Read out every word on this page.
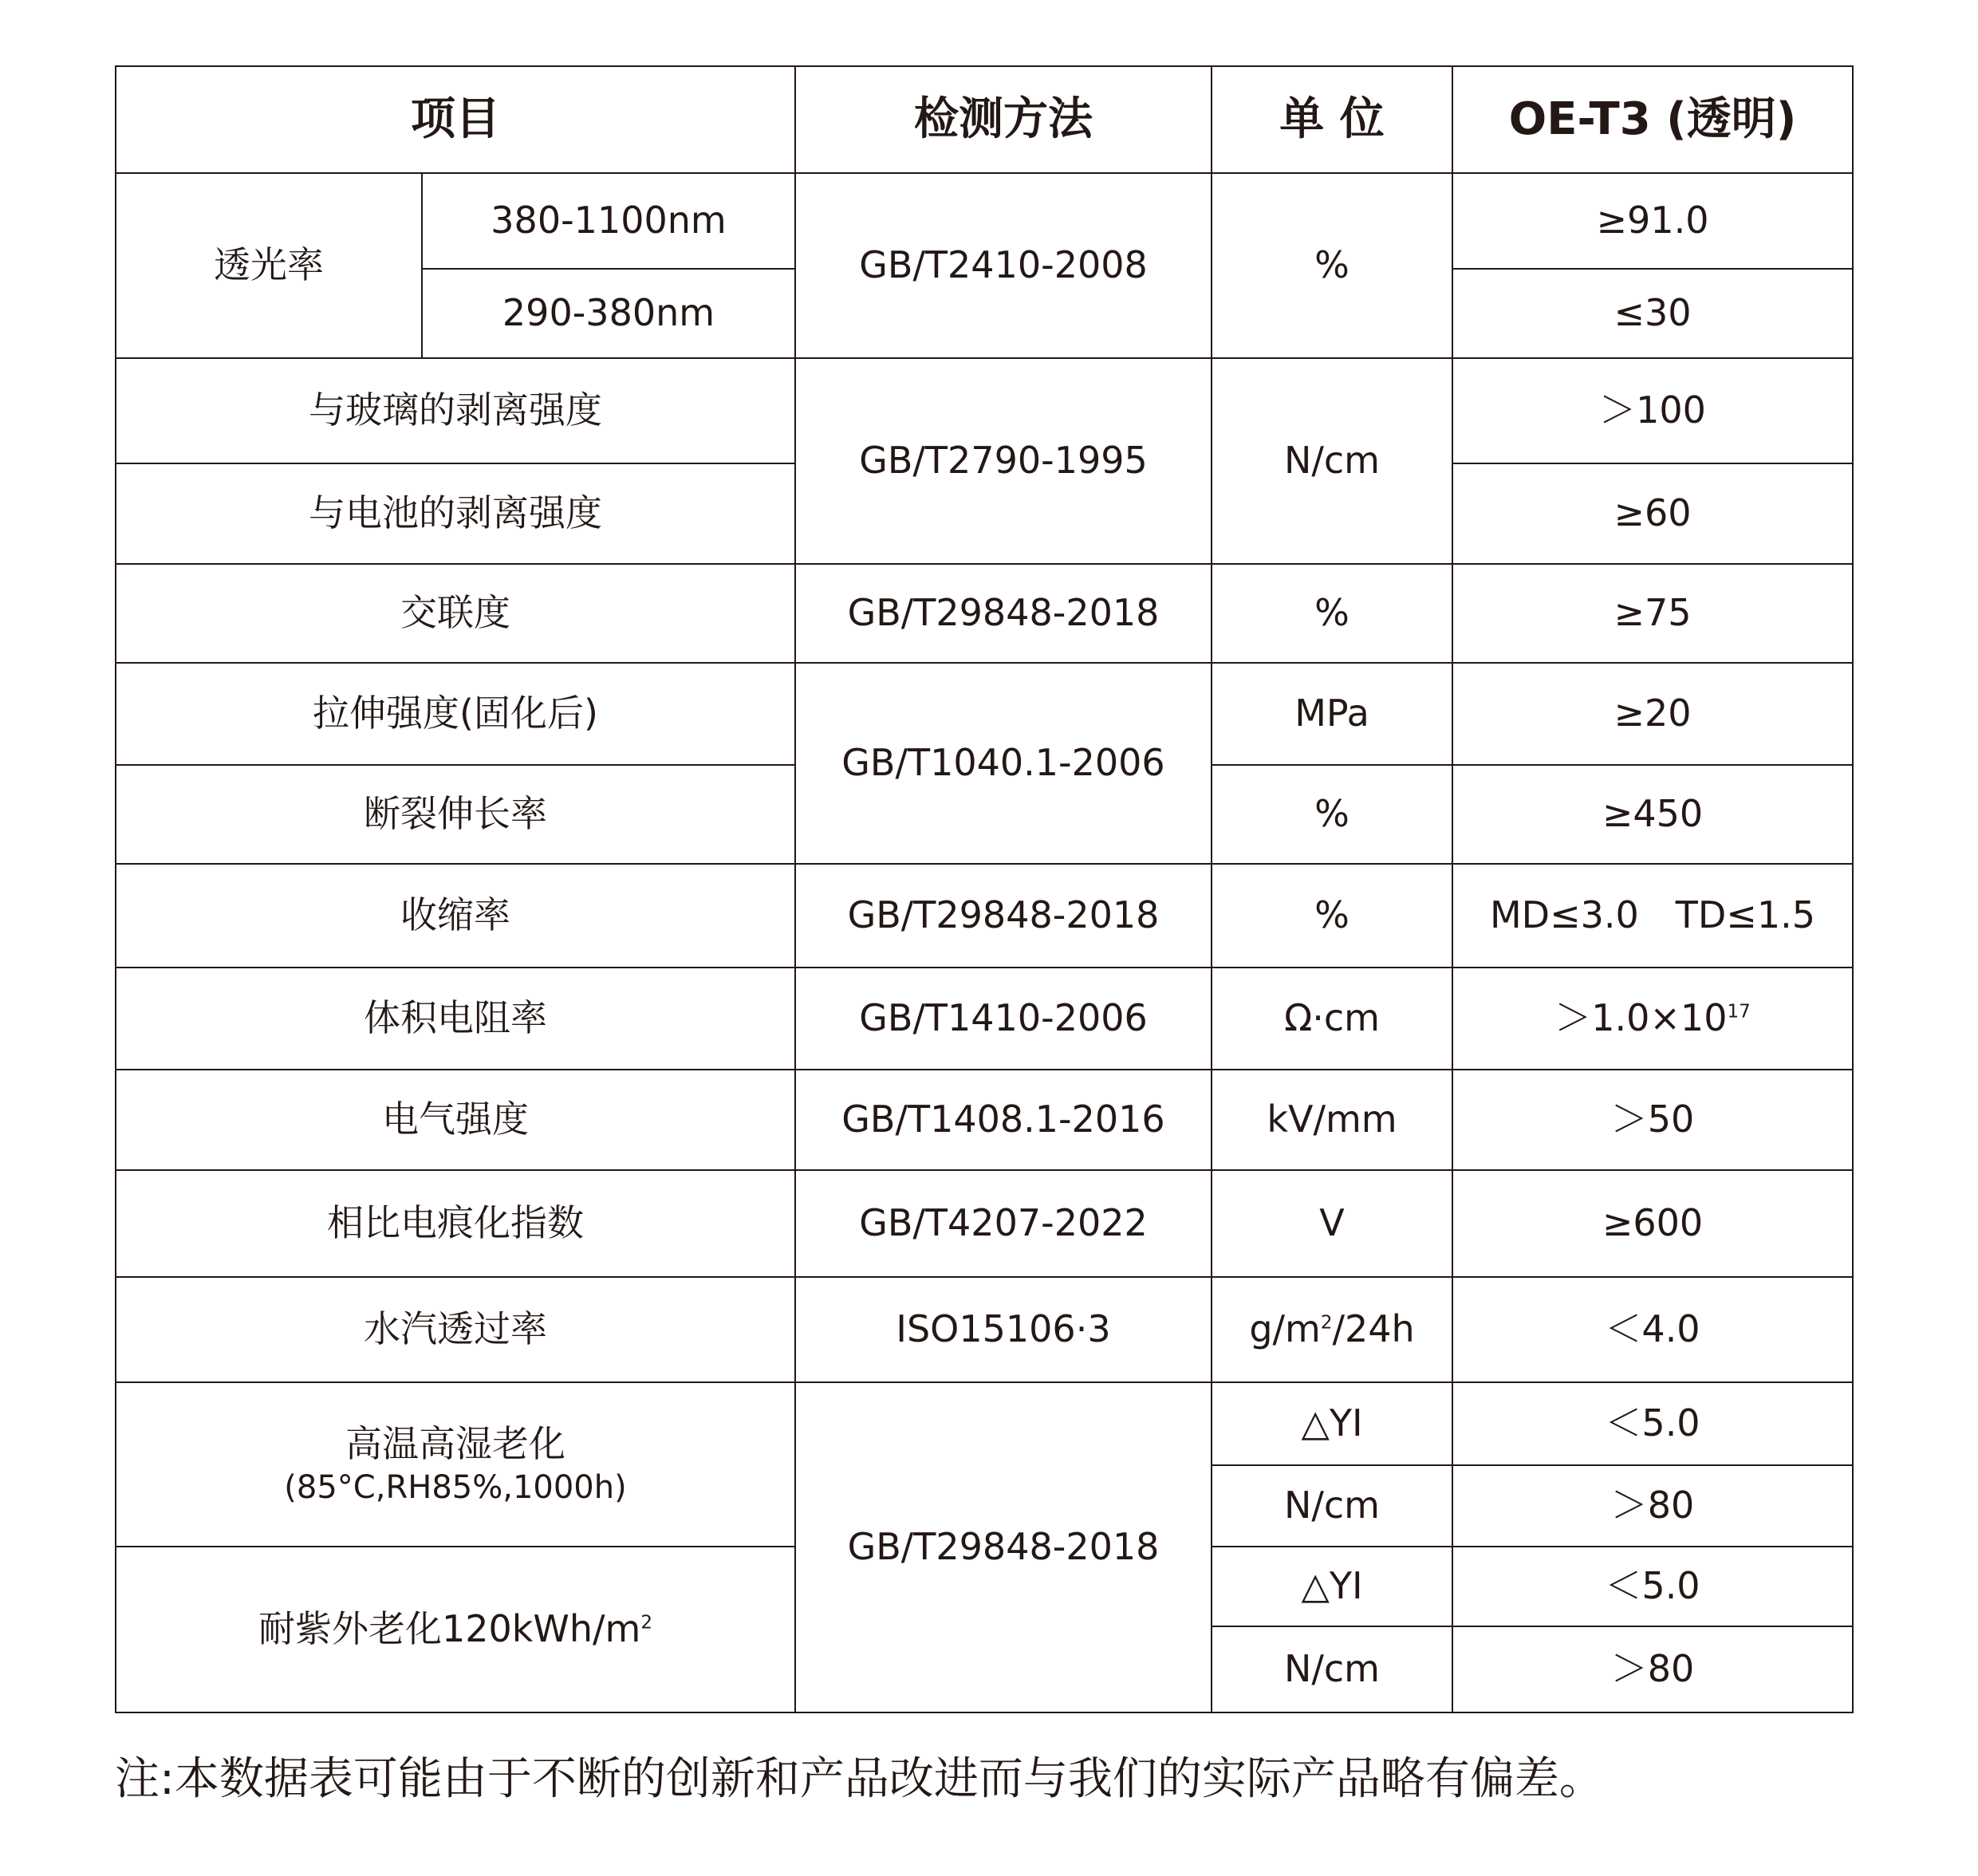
项目		检测方法	单 位	OE-T3 (透明)
透光率	380-1100nm	GB/T2410-2008	%	≥91.0
	290-380nm			≤30
与玻璃的剥离强度		GB/T2790-1995	N/cm	＞100
与电池的剥离强度				≥60
交联度		GB/T29848-2018	%	≥75
拉伸强度(固化后)		GB/T1040.1-2006	MPa	≥20
断裂伸长率			%	≥450
收缩率		GB/T29848-2018	%	MD≤3.0　TD≤1.5
体积电阻率		GB/T1410-2006	Ω·cm	$>1.0\times 10^{17}$
电气强度		GB/T1408.1-2016	kV/mm	＞50
相比电痕化指数		GB/T4207-2022	V	≥600
水汽透过率		ISO15106·3	$g/m^2/24h$	＜4.0

高温高湿老化
(85°C,RH85%,1000h)		GB/T29848-2018	△YI	＜5.0
			N/cm	＞80
耐紫外老化$120kWh/m^2$			△YI	＜5.0
			N/cm	＞80
注:本数据表可能由于不断的创新和产品改进而与我们的实际产品略有偏差。
